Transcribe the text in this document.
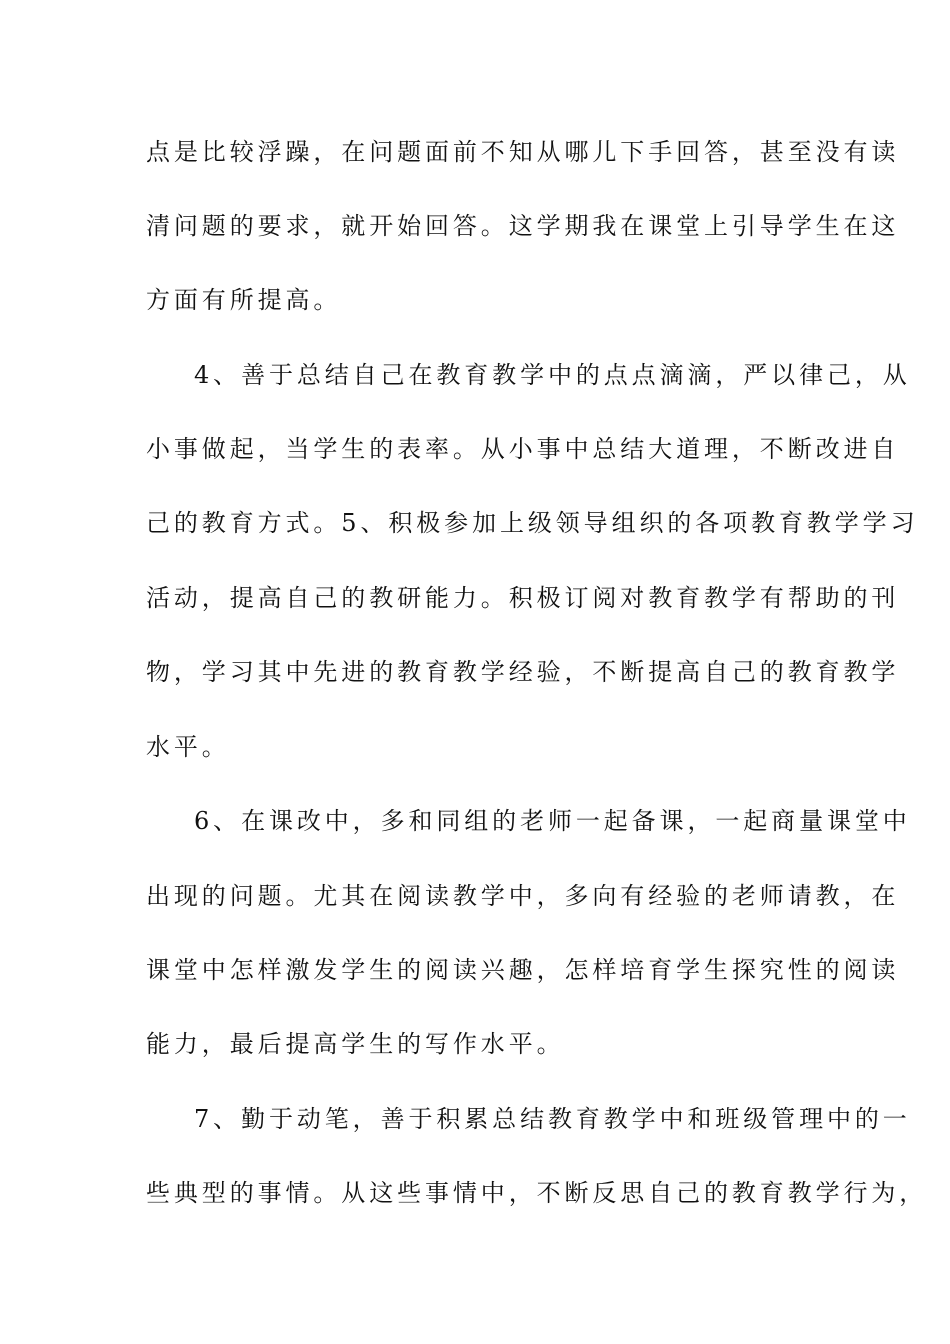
点是比较浮躁，在问题面前不知从哪儿下手回答，甚至没有读
清问题的要求，就开始回答。这学期我在课堂上引导学生在这
方面有所提高。
4、善于总结自己在教育教学中的点点滴滴，严以律己，从
小事做起，当学生的表率。从小事中总结大道理，不断改进自
己的教育方式。5、积极参加上级领导组织的各项教育教学学习
活动，提高自己的教研能力。积极订阅对教育教学有帮助的刊
物，学习其中先进的教育教学经验，不断提高自己的教育教学
水平。
6、在课改中，多和同组的老师一起备课，一起商量课堂中
出现的问题。尤其在阅读教学中，多向有经验的老师请教，在
课堂中怎样激发学生的阅读兴趣，怎样培育学生探究性的阅读
能力，最后提高学生的写作水平。
7、勤于动笔，善于积累总结教育教学中和班级管理中的一
些典型的事情。从这些事情中，不断反思自己的教育教学行为，
